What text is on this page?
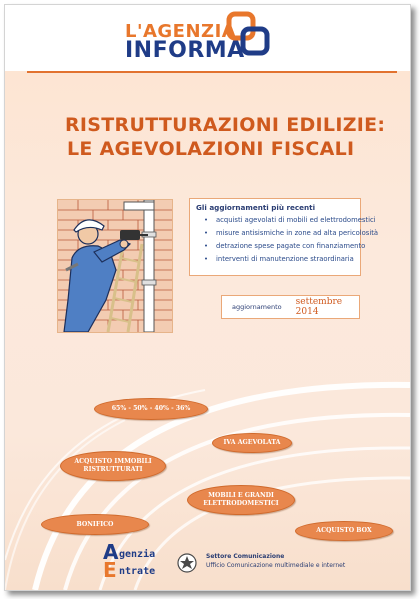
L'AGENZIA
INFORMA
RISTRUTTURAZIONI EDILIZIE:
LE AGEVOLAZIONI FISCALI
Gli aggiornamenti più recenti
• acquisti agevolati di mobili ed elettrodomestici
• misure antisismiche in zone ad alta pericolosità
• detrazione spese pagate con finanziamento
• interventi di manutenzione straordinaria
aggiornamento settembre 2014
65% - 50% - 40% - 36%
IVA AGEVOLATA
ACQUISTO IMMOBILI
RISTRUTTURATI
MOBILI E GRANDI
ELETTRODOMESTICI
BONIFICO
ACQUISTO BOX
A
E
genzia
ntrate
Settore Comunicazione
Ufficio Comunicazione multimediale e internet
